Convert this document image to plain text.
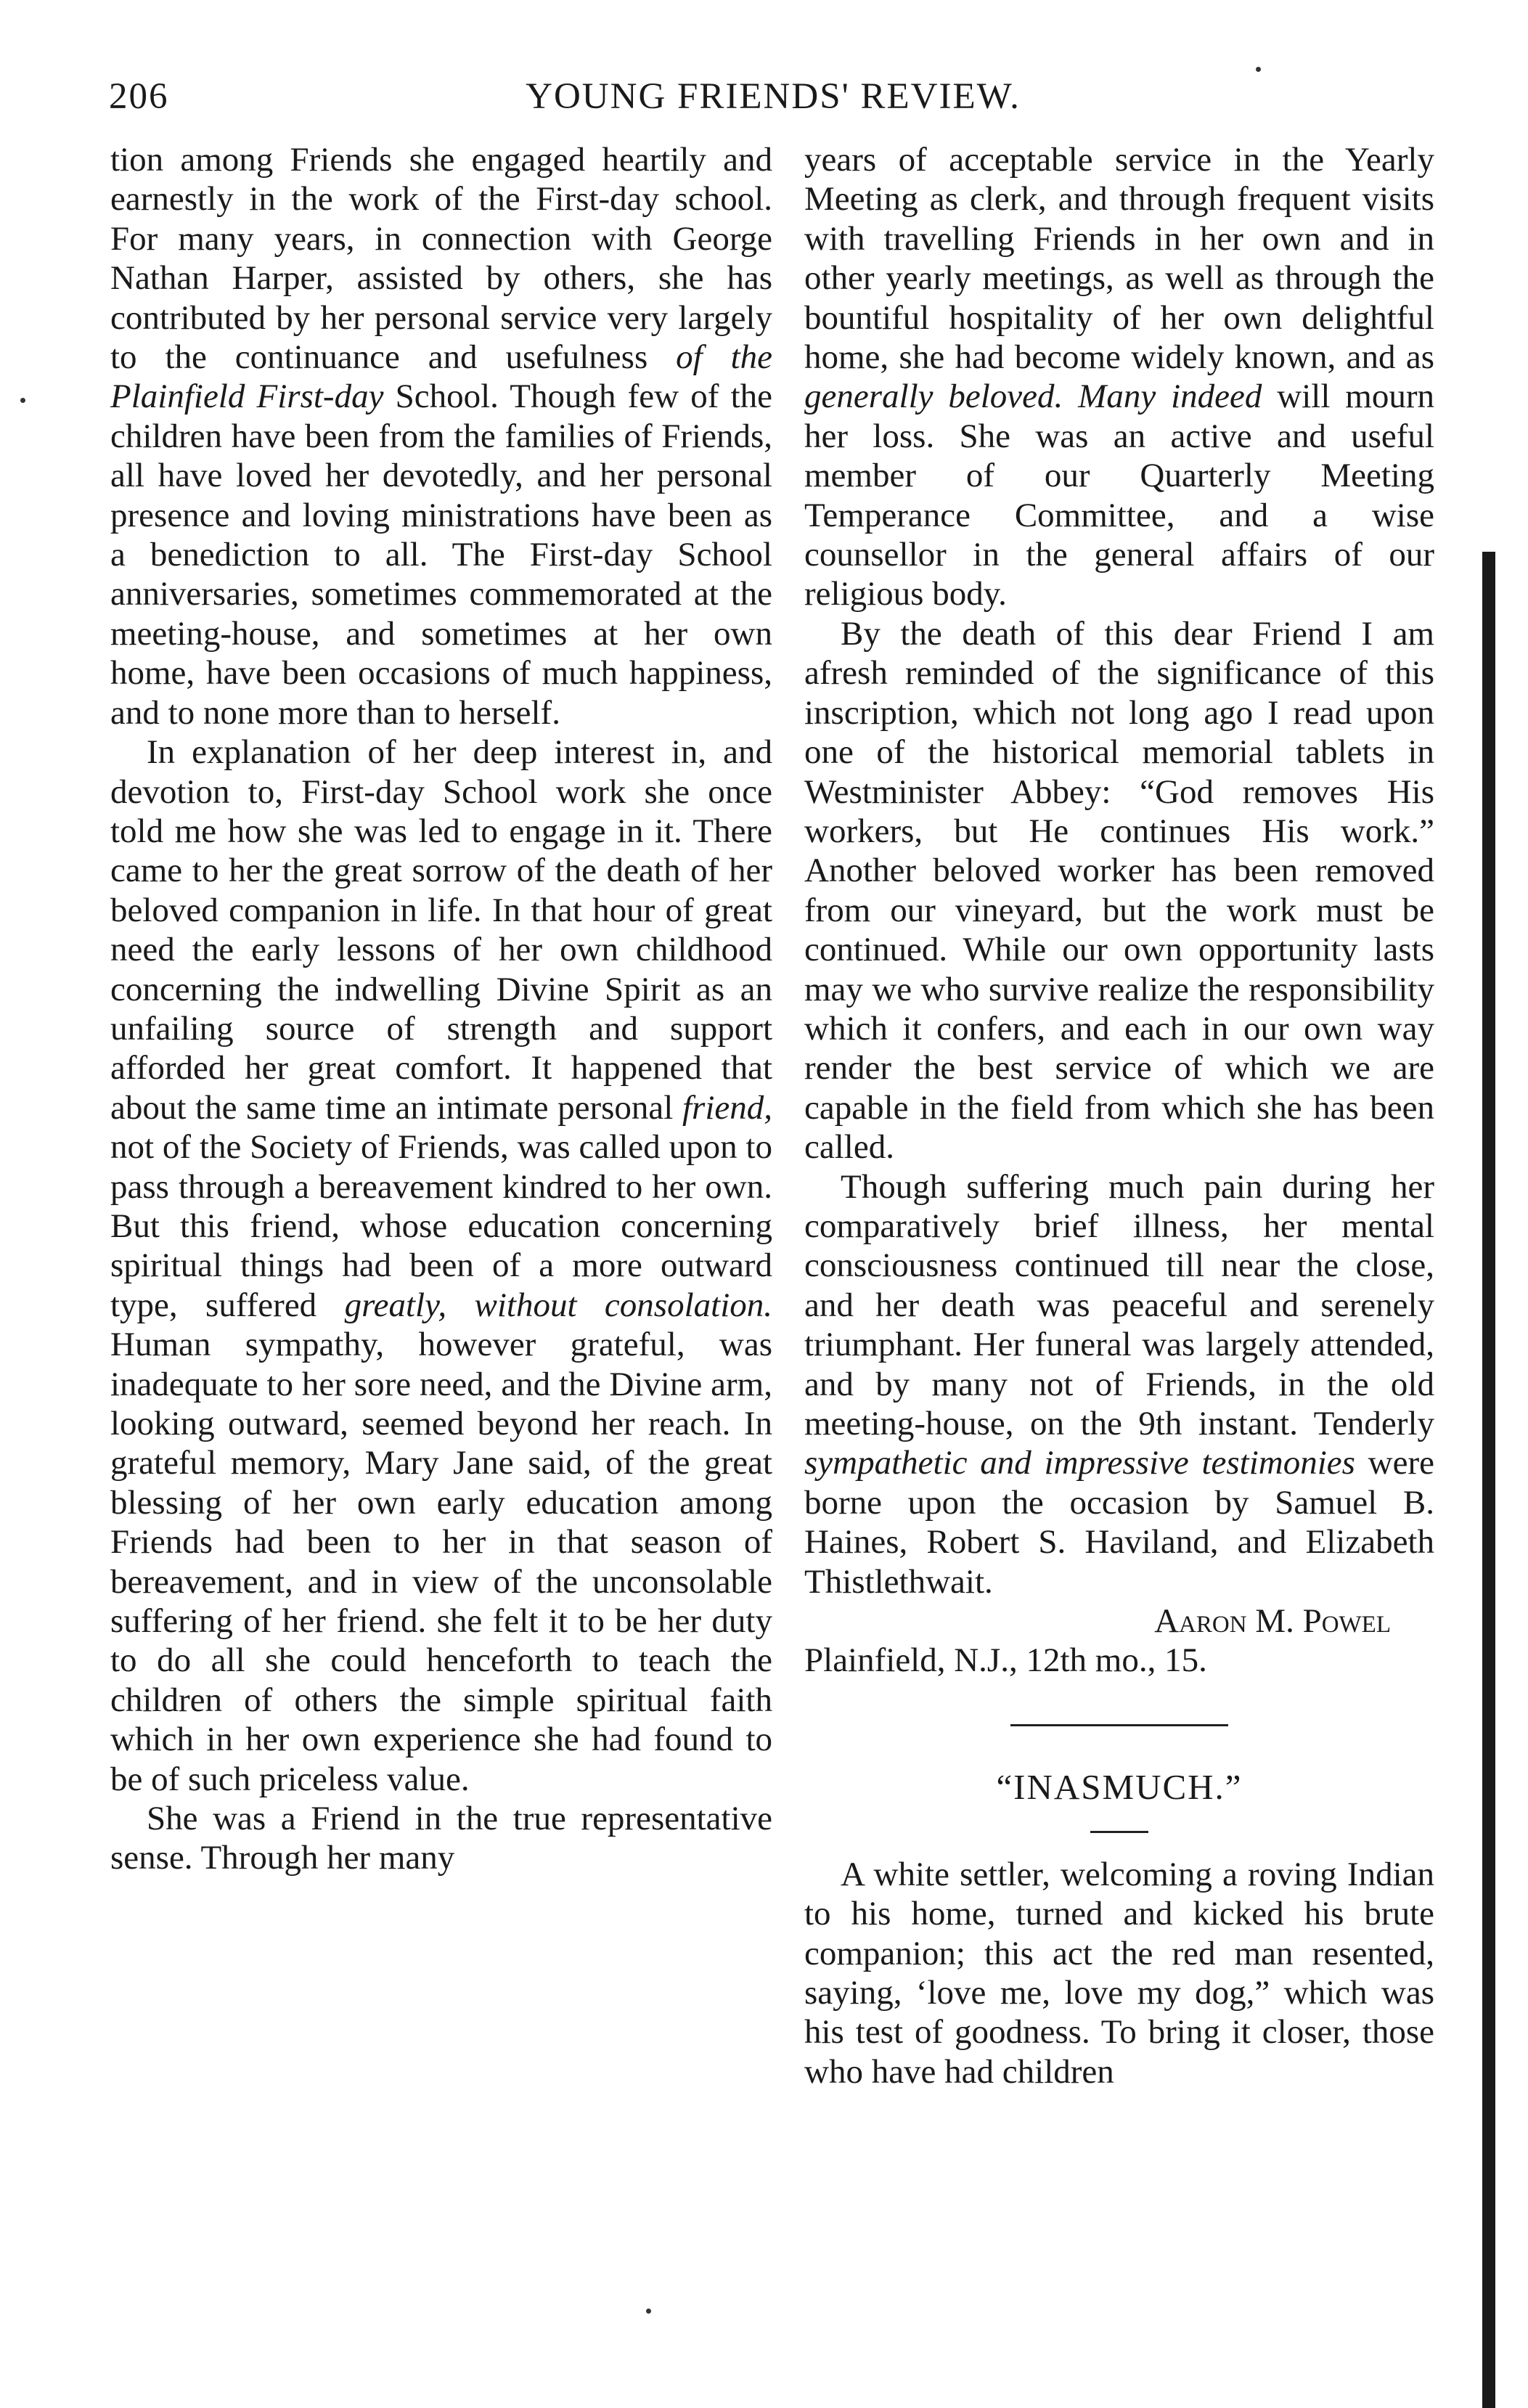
206	YOUNG FRIENDS' REVIEW.

tion among Friends she engaged heartily and earnestly in the work of the First-day school. For many years, in connection with George Nathan Harper, assisted by others, she has contributed by her personal service very largely to the continuance and usefulness of the Plainfield First-day School. Though few of the children have been from the families of Friends, all have loved her devotedly, and her personal presence and loving ministrations have been as a benediction to all. The First-day School anniversaries, sometimes commemorated at the meeting-house, and sometimes at her own home, have been occasions of much happiness, and to none more than to herself.

In explanation of her deep interest in, and devotion to, First-day School work she once told me how she was led to engage in it. There came to her the great sorrow of the death of her beloved companion in life. In that hour of great need the early lessons of her own childhood concerning the indwelling Divine Spirit as an unfailing source of strength and support afforded her great comfort. It happened that about the same time an intimate personal friend, not of the Society of Friends, was called upon to pass through a bereavement kindred to her own. But this friend, whose education concerning spiritual things had been of a more outward type, suffered greatly, without consolation. Human sympathy, however grateful, was inadequate to her sore need, and the Divine arm, looking outward, seemed beyond her reach. In grateful memory, Mary Jane said, of the great blessing of her own early education among Friends had been to her in that season of bereavement, and in view of the unconsolable suffering of her friend. she felt it to be her duty to do all she could henceforth to teach the children of others the simple spiritual faith which in her own experience she had found to be of such priceless value.

She was a Friend in the true representative sense. Through her many

years of acceptable service in the Yearly Meeting as clerk, and through frequent visits with travelling Friends in her own and in other yearly meetings, as well as through the bountiful hospitality of her own delightful home, she had become widely known, and as generally beloved. Many indeed will mourn her loss. She was an active and useful member of our Quarterly Meeting Temperance Committee, and a wise counsellor in the general affairs of our religious body.

By the death of this dear Friend I am afresh reminded of the significance of this inscription, which not long ago I read upon one of the historical memorial tablets in Westminister Abbey: “God removes His workers, but He continues His work.” Another beloved worker has been removed from our vineyard, but the work must be continued. While our own opportunity lasts may we who survive realize the responsibility which it confers, and each in our own way render the best service of which we are capable in the field from which she has been called.

Though suffering much pain during her comparatively brief illness, her mental consciousness continued till near the close, and her death was peaceful and serenely triumphant. Her funeral was largely attended, and by many not of Friends, in the old meeting-house, on the 9th instant. Tenderly sympathetic and impressive testimonies were borne upon the occasion by Samuel B. Haines, Robert S. Haviland, and Elizabeth Thistlethwait.

Aaron M. Powel

Plainfield, N.J., 12th mo., 15.

“INASMUCH.”

A white settler, welcoming a roving Indian to his home, turned and kicked his brute companion; this act the red man resented, saying, ‘love me, love my dog,” which was his test of goodness. To bring it closer, those who have had children
